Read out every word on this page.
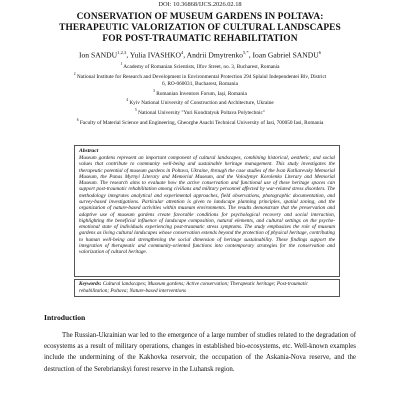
DOI: 10.36868/IJCS.2026.02.18
CONSERVATION OF MUSEUM GARDENS IN POLTAVA:
THERAPEUTIC VALORIZATION OF CULTURAL LANDSCAPES
FOR POST-TRAUMATIC REHABILITATION
Ion SANDU$^{1,2,3}$, Yulia IVASHKO$^4$, Andrii Dmytrenko$^{5,*}$, Ioan Gabriel SANDU$^6$
$^1$ Academy of Romanian Scientists, Ilfov Street, no. 3, Bucharest, Romania
$^2$ National Institute for Research and Development in Environmental Protection 294 Splaiul Independentei Blv, District
6, RO-060031, Bucharest, Romania
$^3$ Romanian Inventors Forum, Iași, Romania
$^4$ Kyiv National University of Construction and Architecture, Ukraine
$^5$ National University "Yuri Kondratyuk Poltava Polytechnic"
$^6$ Faculty of Material Science and Engineering, Gheorghe Asachi Technical University of Iasi, 700050 Iasi, Romania
Abstract

Museum gardens represent an important component of cultural landscapes, combining historical, aesthetic, and social values that contribute to community well-being and sustainable heritage management. This study investigates the therapeutic potential of museum gardens in Poltava, Ukraine, through the case studies of the Ivan Kotliarevsky Memorial Museum, the Panas Myrnyi Literary and Memorial Museum, and the Volodymyr Korolenko Literary and Memorial Museum. The research aims to evaluate how the active conservation and functional use of these heritage spaces can support post-traumatic rehabilitation among civilians and military personnel affected by war-related stress disorders. The methodology integrates analytical and experimental approaches, field observations, photographic documentation, and survey-based investigations. Particular attention is given to landscape planning principles, spatial zoning, and the organization of nature-based activities within museum environments. The results demonstrate that the preservation and adaptive use of museum gardens create favorable conditions for psychological recovery and social interaction, highlighting the beneficial influence of landscape composition, natural elements, and cultural settings on the psycho-emotional state of individuals experiencing post-traumatic stress symptoms. The study emphasizes the role of museum gardens as living cultural landscapes whose conservation extends beyond the protection of physical heritage, contributing to human well-being and strengthening the social dimension of heritage sustainability. These findings support the integration of therapeutic and community-oriented functions into contemporary strategies for the conservation and valorization of cultural heritage.

Keywords: Cultural landscapes; Museum gardens; Active conservation; Therapeutic heritage; Post-traumatic rehabilitation; Poltava; Nature-based interventions
Introduction

The Russian-Ukrainian war led to the emergence of a large number of studies related to the degradation of ecosystems as a result of military operations, changes in established bio-ecosystems, etc. Well-known examples include the undermining of the Kakhovka reservoir, the occupation of the Askania-Nova reserve, and the destruction of the Serebrianskyi forest reserve in the Luhansk region.
